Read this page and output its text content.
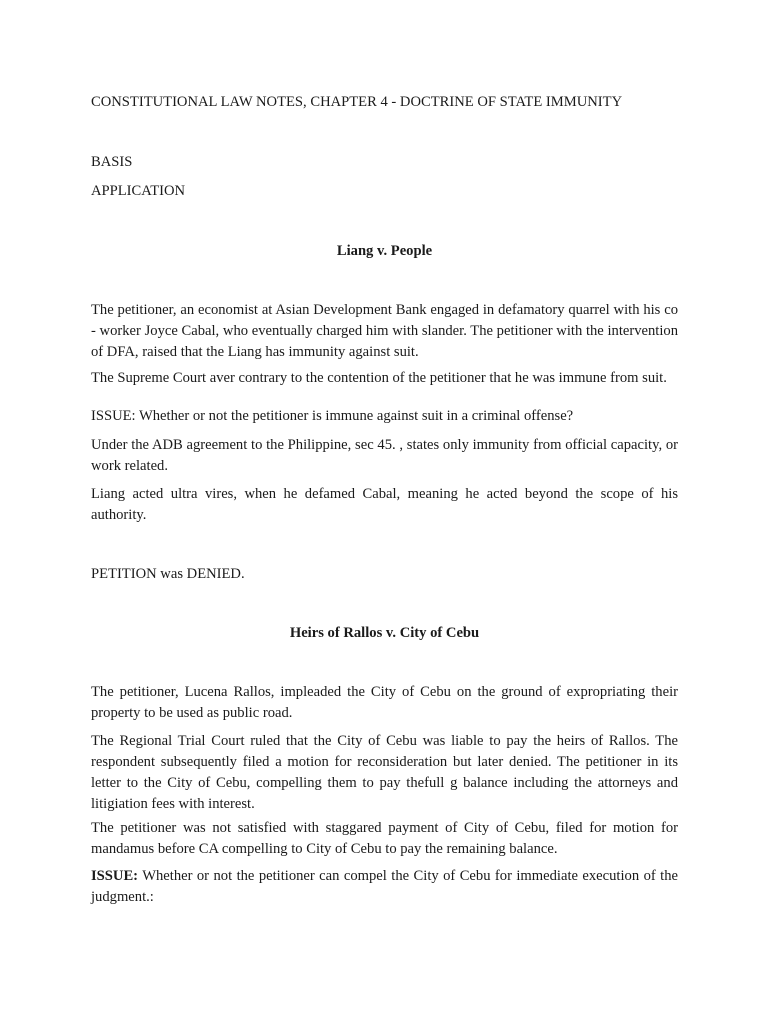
CONSTITUTIONAL LAW NOTES, CHAPTER 4 - DOCTRINE OF STATE IMMUNITY
BASIS
APPLICATION
Liang v. People
The petitioner, an economist at Asian Development Bank engaged in defamatory quarrel with his co - worker Joyce Cabal, who eventually charged him with slander. The petitioner with the intervention of DFA, raised that the Liang has immunity against suit.
The Supreme Court aver contrary to the contention of the petitioner that he was immune from suit.
ISSUE: Whether or not the petitioner is immune against suit in a criminal offense?
Under the ADB agreement to the Philippine, sec 45. , states only immunity from official capacity, or work related.
Liang acted ultra vires, when he defamed Cabal, meaning he acted beyond the scope of his authority.
PETITION was DENIED.
Heirs of Rallos v. City of Cebu
The petitioner, Lucena Rallos, impleaded the City of Cebu on the ground of expropriating their property to be used as public road.
The Regional Trial Court ruled that the City of Cebu was liable to pay the heirs of Rallos. The respondent subsequently filed a motion for reconsideration but later denied. The petitioner in its letter to the City of Cebu, compelling them to pay thefull g balance including the attorneys and litigiation fees with interest.
The petitioner was not satisfied with staggared payment of City of Cebu, filed for motion for mandamus before CA compelling to City of Cebu to pay the remaining balance.
ISSUE: Whether or not the petitioner can compel the City of Cebu for immediate execution of the judgment.:
